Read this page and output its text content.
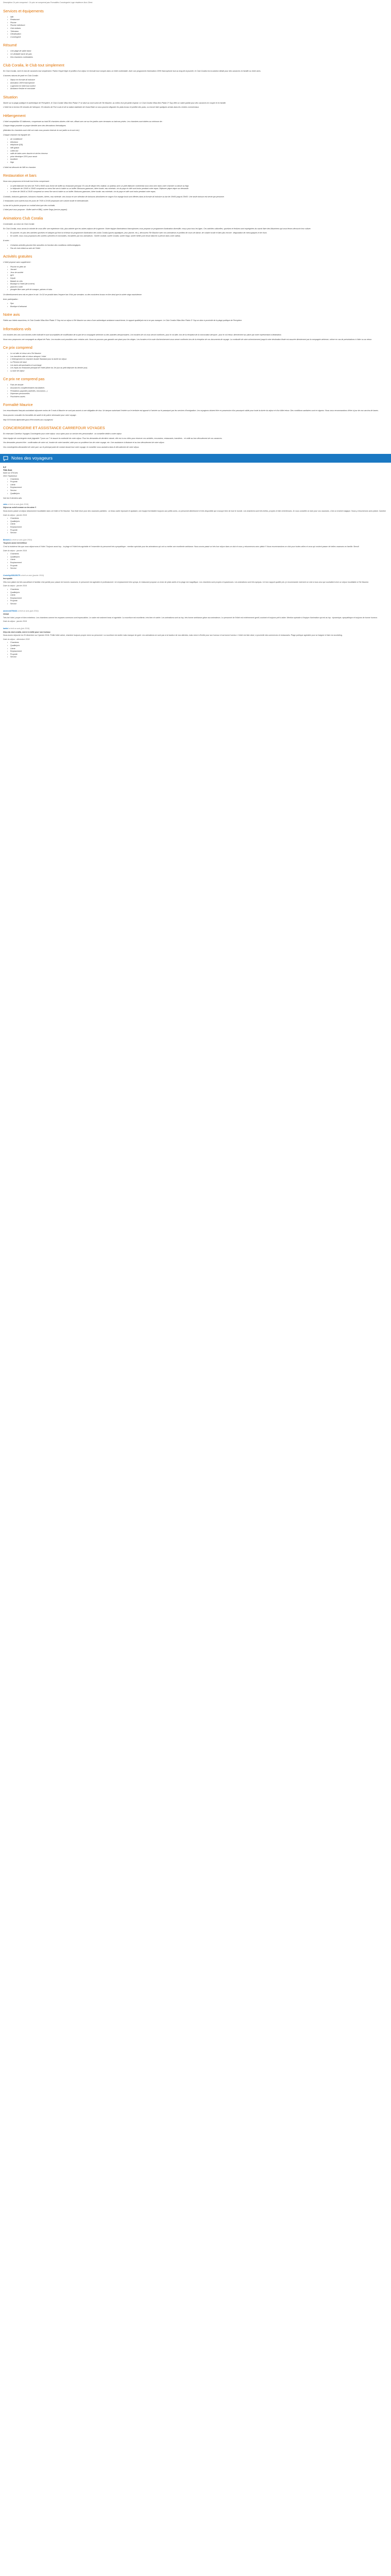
Description Ce prix comprend : Ce prix ne comprend pas Formalités Conciergerie Loge résidence Avis Client

Services et équipements
• Wifi
• Restaurant
• Piscine
• Piscine extérieure
• Club enfants
• Télévision
• Climatisation
• Conciergerie
Résumé
• Une plage de sable blanc
• Un véritable havre de paix
• Des chambres confortables
Club Coralia, le Club tout simplement

En Club Coralia, vivre le club de vacances tout simplement. Partez l'esprit léger et profitez d'un séjour en formule tout compris dans un hôtel confortable. Avec son programme d'animation 100% francophone tout au long de la journée, le Club Coralia est la solution idéale pour des vacances en famille ou entre amis.

4 bonnes raisons de partir en Club Coralia :

• Séjour en formule all inclusive
• Animation 100% francophone
• Logement en hôtel tout confort
• Ambiance festive et conviviale
Situation

Située sur la plage publique et authentique de Pereybère, le Club Coralia Villas Mon Plaisir 3* se situe au nord ouest de l'île Maurice, au milieu d'un joli jardin tropical. Le Club Coralia Villas Mon Plaisir 3* Sup offre un cadre parfait pour des vacances en couple et en famille.

L'hôtel est à environ 65 minutes de l'aéroport, 30 minutes de Port Louis et de la station balnéaire de Grand Baie où vous pourrez déguster les plats locaux et profiter des pubs, ou encore faire quelques achats dans les centres commerciaux.

Hébergement

L'hôtel comptabilise 52 bâtiments, comprenant au total 86 chambres situées côté mer, offrant une vue sur les jardins avec terrasses ou balcons privés. Les chambres sont dotées au minimum de :

Chaque étage possède sa propre identité avec des décorations thématiques.

(Attention les chambres sont côté rue mais vous pouvez réserver la vue jardin ou la vue mer)

Chaque chambre est équipée de :

• air conditionné
• télévision
• téléphone (DD)
• Wifi gratuit
• coffre-fort
• salle de bains avec douche et sèche-cheveux
• prise électrique 220V pour rasoir
• bouilloire
• frigo

L'hôtel est démunie de Wifi en chambre.

Restauration et bars

Nous vous proposons la formule tout inclus comprenant :

• Le petit déjeuner est servi de 7h30 à 9h00 sous forme de buffet au restaurant principal. En cas de départ très matinal, un plateau avec un petit déjeuner continental vous sera servi dans votre chambre ou laissé au frigo
• Le déjeuner de 12h00 à 13h00 comprend un menu fixe servi à table ou un buffet. Boissons gazeuses, bière locale, eau minérale, vin du pays et café sont inclus pendant votre repas. Déjeuner pique-nique sur demande.
• Le dîner de 19h30 à 21h30 comprend un menu fixe servi à table ou un buffet. Boissons gazeuses, bière locale, eau minérale, vin du pays et café sont inclus pendant votre repas.

Cocktails, boissons gazeuses, boissons chaudes, bières, eau minérale, vins locaux et une sélection de boissons alcoolisées en vogue d'un cépage local sont offertes dans la formule all inclusive au bar de 10h00 jusqu'à 23h00. Une seule boisson est servie par personne.

2 restaurants sont ouverts tous les jours de 7h30 à 21h30 proposant une cuisine locale et internationale.

La bar de la piscine propose un cocktail ainsi que des cocktails.

L'hôtel peut vous proposer : Buffet varié et BBQ, soirée Sega (service payant).

Animations Club Coralia

Conviviable, au coeur du Club Coralia

En Club Coralia, nous avons la volonté de vous offrir une expérience club, plus animée que les autres séjours de la gamme. Notre équipe d'animateurs francophones vous propose un programme d'animation diversifié, conçu pour tous les âges. Ces activités culturelles, sportives et festives sont imprégnées du savoir-faire des Mauriciens qui vous ferons découvrir leur culture.

• En journée, en plus des activités sportives et ludiques qui font la richesse du programme d'animation des clubs Coralia (sports aquatiques, jeux piscine, etc.), découvrez l'île Maurice avec nos animateurs et profitez de cours de danse, de cuisine locale et bien plus encore : dégustation de mets typiques et de rhum.
• En soirée, nous vous proposons des soirées rythmées et conviviales, encadrées par nos animateurs : Soirée cocktail, soirée Coralia, soirée Sega, soirée White (une tenue blanche a prévoir dans votre valise).

A noter :

• Certaines activités peuvent être annulées en fonction des conditions météorologiques
• Pas de club enfant au sein de l'hôtel
Activités gratuites

L'hôtel propose sans supplément :

• Piscine en plein air
• Jacuzzi
• Jeux de société
• gym
• Kayak
• Balade en vélo
• Boutique à l'hôtel (de la terre)
• planche à voile
• plongée libre avec prêt de masque, palmes et tuba

Un divertissement sera mis en place le soir. Un DJ se produit dans l'espace bar 4 fois par semaine, ou des musiciens locaux en live ainsi que la soirée séga mauricienne.

Avec participation :

• Spa
• Boutique d'artisanat
Notre avis

Fidèle aux hôtels mauriciens, le Club Coralia Villas Mon Plaisir 3* Sup est un séjour à l'île Maurice au cœur d'une authentique ambiance mauricienne, le rapport qualité/prix est à ne pas manquer. Le Club Coralia Villas Mon Plaisir 3* Sup se situe à proximité de la plage publique de Pereybère.

Informations vols

Les horaires des vols sont donnés à titre indicatif et sont susceptibles de modification de la part de la compagnie aérienne ou des autorités aéroportuaires. Les horaires de vol vous seront confirmés, pour le vol aller, lors de la réception de la convocation aéroport ; pour le vol retour, directement sur place par notre représentant à destination.

Nous vous proposons une compagnie au départ de Paris. Les escales sont possibles avec certains vols. Nous ne pouvons pas garantir une place pour les sièges. Les horaires et la route d'acheminement vous seront confirmés lors de la réception de vos documents de voyage. La continuité de votre acheminement jusqu'à votre destination finale est assurée directement par la compagnie aérienne, même en cas de perturbations à l'aller ou au retour.

Ce prix comprend
• Le vol aller et retour vers l'île Maurice
• Les transferts aller et retour aéroport / hôtel
• L'hébergement en chambre double Standard pour la durée du séjour
• La Pension de base
• Les taxes aéroportuaires et surcharge
• Les repas du restaurant principal de l'hôtel (dîner du 1er jour au petit déjeuner du dernier jour)
• La taxe de séjour
Ce prix ne comprend pas
• Frais de dossier
• Assurances complémentaires facultatives
• Prestations payantes (activités, excursions...)
• Dépenses personnelles
• Pourboires usuels
Formalité Maurice

Les ressortissants français souhaitant séjourner moins de 3 mois à Maurice ne sont pas soumis à une obligation de visa. Un tampon autorisant l'entrée sur le territoire est apposé à l'arrivée sur le passeport par les services d'immigration. Les voyageurs doivent être en possession d'un passeport valide pour toute la durée du séjour et d'un billet retour. Des conditions sanitaires sont en vigueur. Nous vous recommandons d'être à jour de vos vaccins de bases.

Nous pouvez consulter les formalités de santé et de police nécessaire pour votre voyage :

http://XXX/www.diplomatie.gouv.fr/fr/conseils-aux-voyageurs/

CONCIERGERIE ET ASSISTANCE CARREFOUR VOYAGES

En réservant Carrefour Voyages Conciergerie pour votre séjour, vous optez pour un service très personnalisé : un conseiller dédié à votre séjour.

Votre équipe de conciergerie reste joignable 7 jours sur 7 et assure la continuité de votre séjour. Pour les demandes de dernière minute, elle est à vos côtés pour réserver vos activités, excursions, restaurants, transferts... et veille au bon déroulement de vos vacances.

Vos demandes peuvent être : confirmation de votre vol, horaire de votre transfert, aide pour un problème lors de votre voyage, etc. Une assistance à distance et au bon déroulement de votre séjour.

Vos conciergeries demandent de votre part, sur le principal point de contact durant tout votre voyage, le conseiller vous assistera dans le déroulement de votre séjour.

Notes des voyageurs
4,2
Très bon
basé sur 478 Avis
2021 TripAdvisor
• Chambres
• Propreté
• Literie
• Emplacement
• Service
• Qualité/prix
Voir les 5 derniers avis
cdes a écrit un avis (juin 2016)
Séjour au soleil comme on les aime !!
Nous avons passé un séjour absolument inoubliable dans cet hôtel à l'île Maurice. Tout était réuni pour des vacances parfaites : un beau cadre reposant et apaisant, une équipe formidable toujours aux petits soins, un personnel attentionné et très disponible qui s'occupe bien de tout le monde. Les chambres sont très belles, propres et bien entretenues. Je vous conseille ce club pour vos vacances, c'est un endroit magique. Nous y retournerons avec plaisir. Caroline
Date du séjour : janvier 2016
• Chambres
• Qualité/prix
• Literie
• Emplacement
• Propreté
• Service
Benoît A a écrit un avis (juin 2016)
Toujours aussi merveilleux
C'est la troisième fois que nous séjournons à l'hôtel. Toujours aussi top... la plage et l'hôtel très agréable et l'ensemble du personnel très sympathique : mention spéciale pour les animateurs qui ont su mettre une excellente ambiance. Nous avons passé un très bon séjour dans ce club et nous y retournerons avec plaisir !! Nous recommandons ce club pour toutes celles et ceux qui veulent passer de belles vacances en famille. Benoît
Date du séjour : janvier 2016
• Chambres
• Qualité/prix
• Literie
• Emplacement
• Propreté
• Service
Corinthy038128175 a écrit un avis (janvier 2016)
Incroyable
Villa mon plaisir est très accueillant et familial c'est parfait pour passer de bonnes vacances, le personnel est agréable et professionnel. Un emplacement très sympa, le restaurant propose un choix de plats variés et la plage est magnifique. Les chambres sont propres et spacieuses. Les animations sont très sympas. Un bon rapport qualité prix, je recommande vivement ce club à tous ceux qui souhaitent vivre un séjour inoubliable à l'île Maurice.
Date du séjour : janvier 2016
• Chambres
• Qualité/prix
• Literie
• Emplacement
• Propreté
• Service
annenm0750411 a écrit un avis (juin 2016)
Génial
Très bel hôtel, propre et bien entretenu. Les chambres comme les espaces communs sont impeccables. Le cadre est vraiment beau et agréable. La nourriture est excellente, très bien et variée. Les animations sont au top, très bonne ambiance grâce aux animateurs. Le personnel de l'hôtel est extrêmement gentil, souriant et toujours prêt à aider. Mention spéciale à l'équipe d'animation qui est au top : dynamique, sympathique et toujours de bonne humeur.
Date du séjour : janvier 2016
laetici a écrit un avis (juin 2016)
Déçu du club coralia, merci à emilie pour son humour.
Nous avons séjourné du 20 décembre au 3 janvier 2016. Petite hôtel calme, chambre toujours propre merci au personnel. La nourriture est variée mais manque de goût. Les animations ne sont pas à la hauteur de nos attentes, mais merci à Emilie pour son humour et sa bonne humeur. L'hôtel est bien situé, à proximité des commerces et restaurants. Plage publique agréable pour se baigner et faire du snorkeling.
Date du séjour : décembre 2015
• Chambres
• Qualité/prix
• Literie
• Emplacement
• Propreté
• Service
